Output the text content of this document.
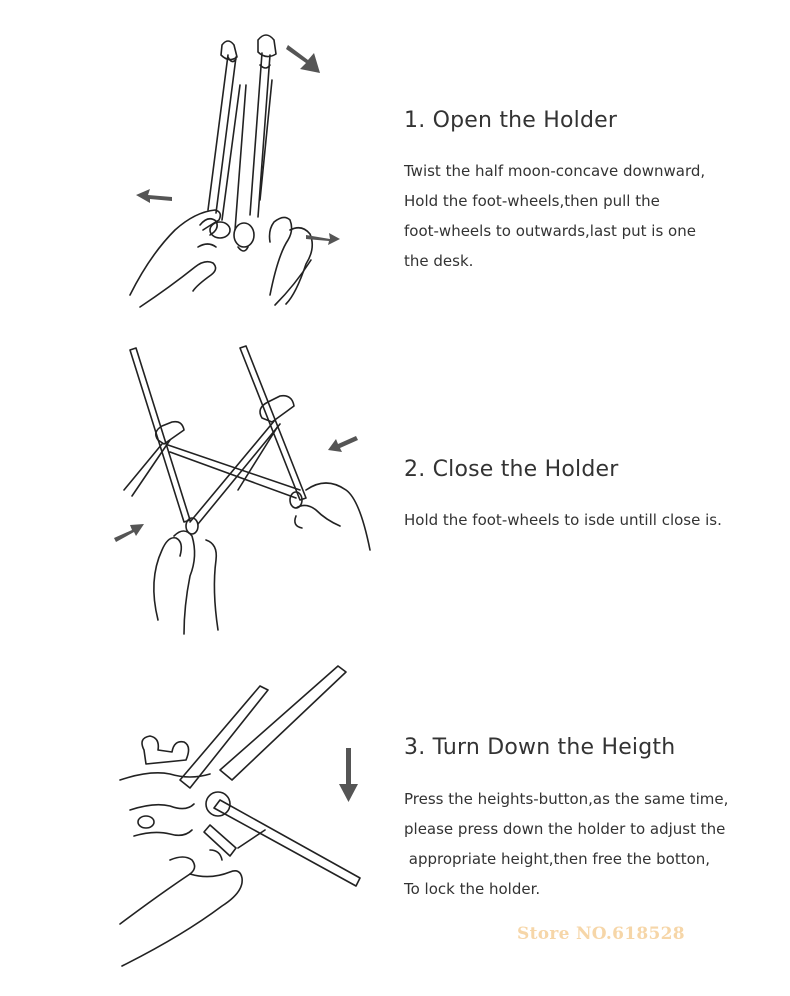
1. Open the Holder

Twist the half moon-concave downward,
Hold the foot-wheels,then pull the
foot-wheels to outwards,last put is one
the desk.

2. Close the Holder

Hold the foot-wheels to isde untill close is.

3. Turn Down the Heigth

Press the heights-button,as the same time,
please press down the holder to adjust the
appropriate height,then free the botton,
To lock the holder.

Store NO.618528
